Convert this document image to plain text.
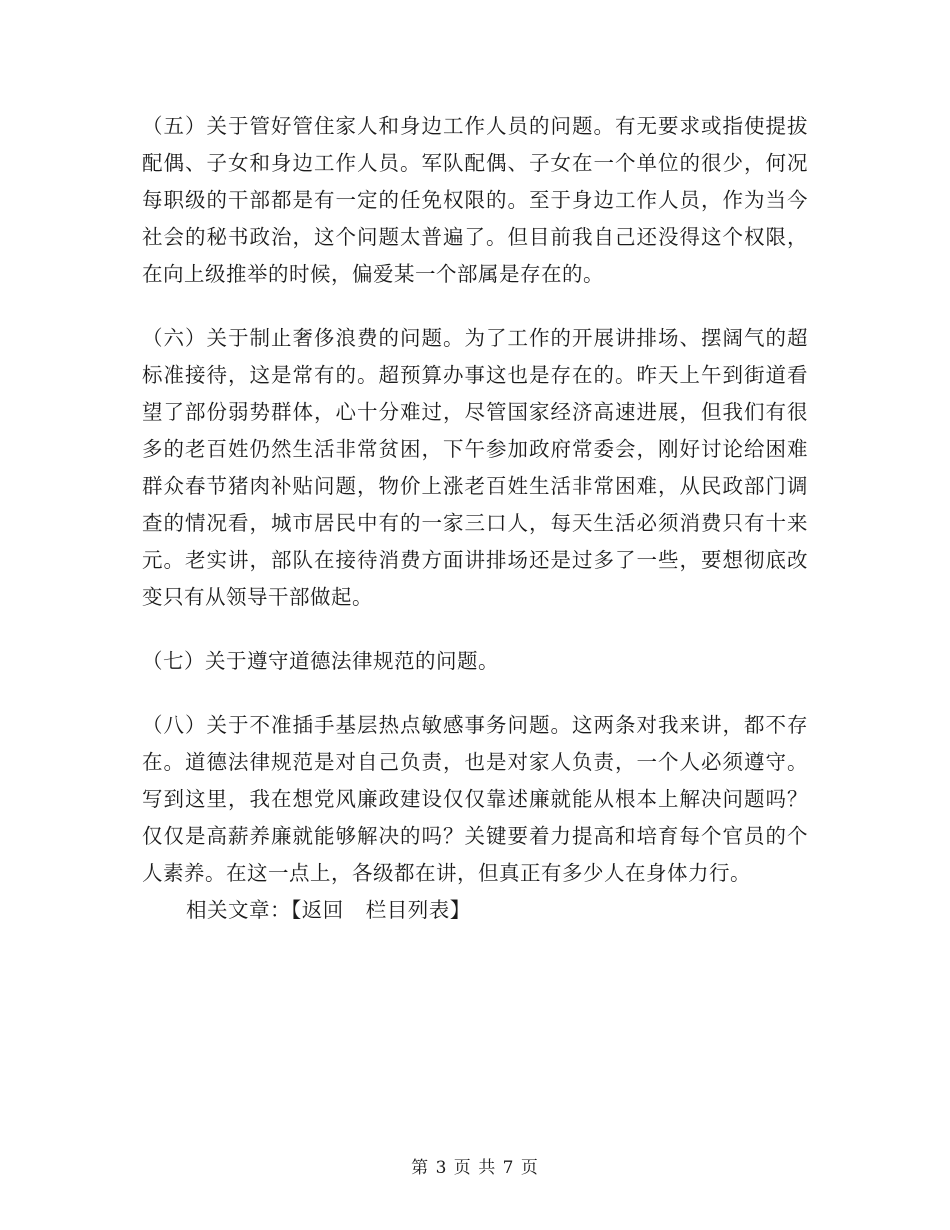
（五）关于管好管住家人和身边工作人员的问题。有无要求或指使提拔配偶、子女和身边工作人员。军队配偶、子女在一个单位的很少，何况每职级的干部都是有一定的任免权限的。至于身边工作人员，作为当今社会的秘书政治，这个问题太普遍了。但目前我自己还没得这个权限，在向上级推举的时候，偏爱某一个部属是存在的。

（六）关于制止奢侈浪费的问题。为了工作的开展讲排场、摆阔气的超标准接待，这是常有的。超预算办事这也是存在的。昨天上午到街道看望了部份弱势群体，心十分难过，尽管国家经济高速进展，但我们有很多的老百姓仍然生活非常贫困，下午参加政府常委会，刚好讨论给困难群众春节猪肉补贴问题，物价上涨老百姓生活非常困难，从民政部门调查的情况看，城市居民中有的一家三口人，每天生活必须消费只有十来元。老实讲，部队在接待消费方面讲排场还是过多了一些，要想彻底改变只有从领导干部做起。

（七）关于遵守道德法律规范的问题。

（八）关于不准插手基层热点敏感事务问题。这两条对我来讲，都不存在。道德法律规范是对自己负责，也是对家人负责，一个人必须遵守。写到这里，我在想党风廉政建设仅仅靠述廉就能从根本上解决问题吗？仅仅是高薪养廉就能够解决的吗？关键要着力提高和培育每个官员的个人素养。在这一点上，各级都在讲，但真正有多少人在身体力行。

相关文章：【返回 栏目列表】

第 3 页 共 7 页
